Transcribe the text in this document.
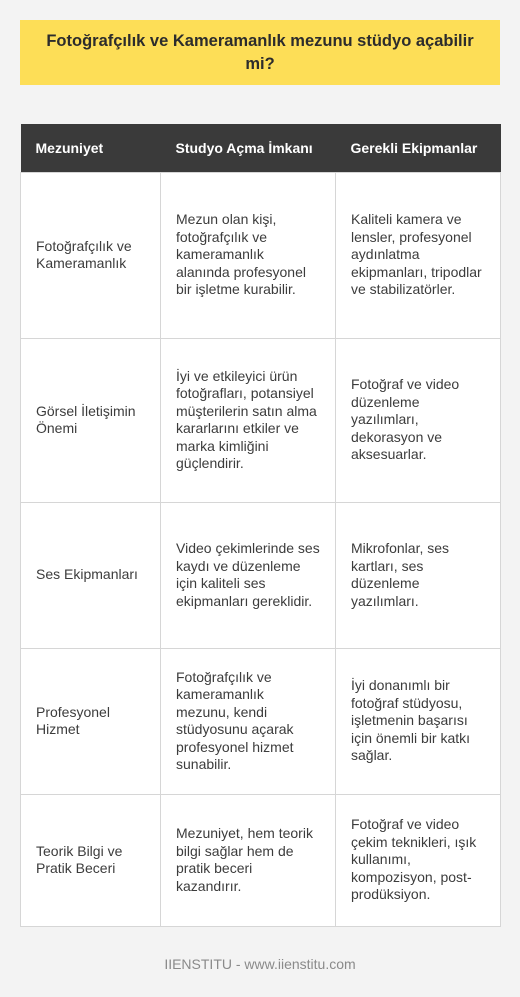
Fotoğrafçılık ve Kameramanlık mezunu stüdyo açabilir mi?
Mezuniyet	Studyo Açma İmkanı	Gerekli Ekipmanlar
Fotoğrafçılık ve Kameramanlık	Mezun olan kişi, fotoğrafçılık ve kameramanlık alanında profesyonel bir işletme kurabilir.	Kaliteli kamera ve lensler, profesyonel aydınlatma ekipmanları, tripodlar ve stabilizatörler.
Görsel İletişimin Önemi	İyi ve etkileyici ürün fotoğrafları, potansiyel müşterilerin satın alma kararlarını etkiler ve marka kimliğini güçlendirir.	Fotoğraf ve video düzenleme yazılımları, dekorasyon ve aksesuarlar.
Ses Ekipmanları	Video çekimlerinde ses kaydı ve düzenleme için kaliteli ses ekipmanları gereklidir.	Mikrofonlar, ses kartları, ses düzenleme yazılımları.
Profesyonel Hizmet	Fotoğrafçılık ve kameramanlık mezunu, kendi stüdyosunu açarak profesyonel hizmet sunabilir.	İyi donanımlı bir fotoğraf stüdyosu, işletmenin başarısı için önemli bir katkı sağlar.
Teorik Bilgi ve Pratik Beceri	Mezuniyet, hem teorik bilgi sağlar hem de pratik beceri kazandırır.	Fotoğraf ve video çekim teknikleri, ışık kullanımı, kompozisyon, post-prodüksiyon.
IIENSTITU - www.iienstitu.com
